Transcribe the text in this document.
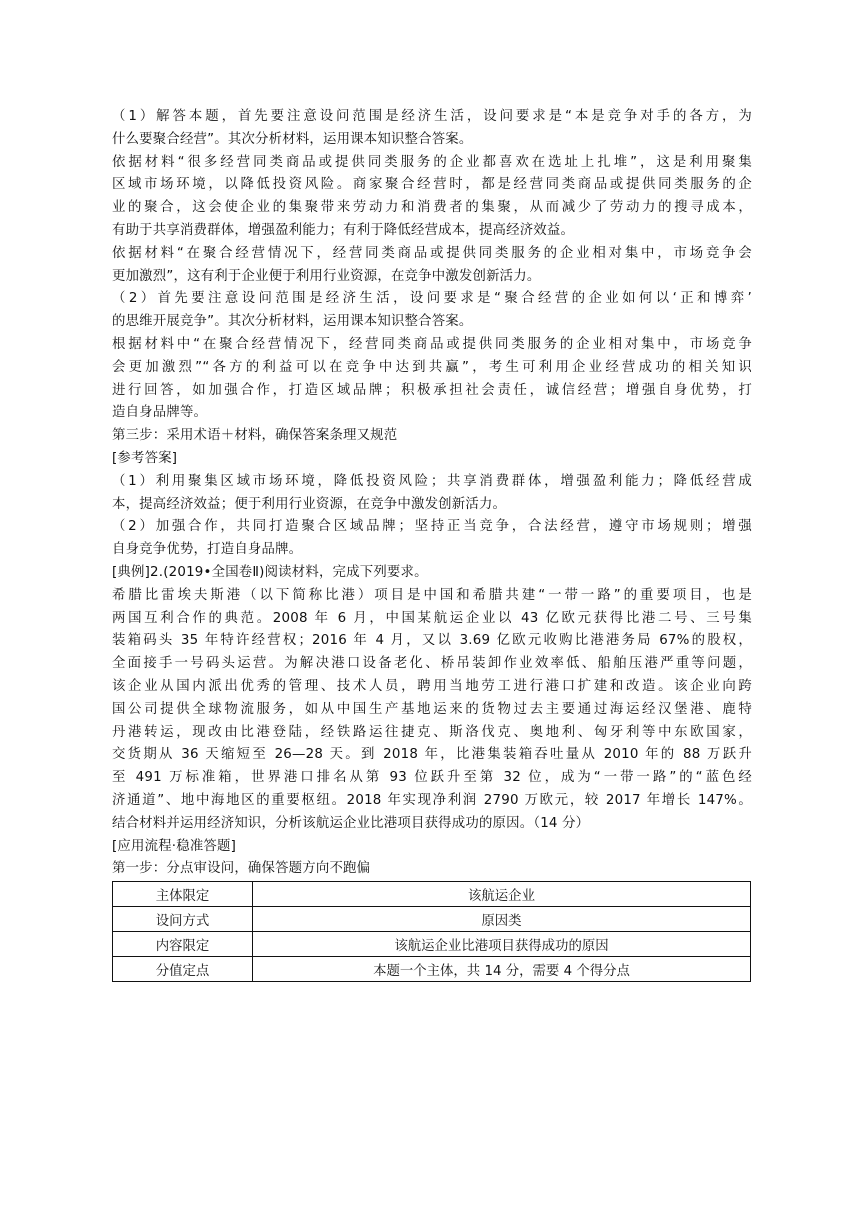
（1）解答本题，首先要注意设问范围是经济生活，设问要求是“本是竞争对手的各方，为
什么要聚合经营”。其次分析材料，运用课本知识整合答案。
依据材料“很多经营同类商品或提供同类服务的企业都喜欢在选址上扎堆”，这是利用聚集
区域市场环境，以降低投资风险。商家聚合经营时，都是经营同类商品或提供同类服务的企
业的聚合，这会使企业的集聚带来劳动力和消费者的集聚，从而减少了劳动力的搜寻成本，
有助于共享消费群体，增强盈利能力；有利于降低经营成本，提高经济效益。
依据材料“在聚合经营情况下，经营同类商品或提供同类服务的企业相对集中，市场竞争会
更加激烈”，这有利于企业便于利用行业资源，在竞争中激发创新活力。
（2）首先要注意设问范围是经济生活，设问要求是“聚合经营的企业如何以‘正和博弈’
的思维开展竞争”。其次分析材料，运用课本知识整合答案。
根据材料中“在聚合经营情况下，经营同类商品或提供同类服务的企业相对集中，市场竞争
会更加激烈”“各方的利益可以在竞争中达到共赢”，考生可利用企业经营成功的相关知识
进行回答，如加强合作，打造区域品牌；积极承担社会责任，诚信经营；增强自身优势，打
造自身品牌等。
第三步：采用术语＋材料，确保答案条理又规范
[参考答案]
（1）利用聚集区域市场环境，降低投资风险；共享消费群体，增强盈利能力；降低经营成
本，提高经济效益；便于利用行业资源，在竞争中激发创新活力。
（2）加强合作，共同打造聚合区域品牌；坚持正当竞争，合法经营，遵守市场规则；增强
自身竞争优势，打造自身品牌。
[典例]2.(2019•全国卷Ⅱ)阅读材料，完成下列要求。
希腊比雷埃夫斯港（以下简称比港）项目是中国和希腊共建“一带一路”的重要项目，也是
两国互利合作的典范。2008 年 6 月，中国某航运企业以 43 亿欧元获得比港二号、三号集
装箱码头 35 年特许经营权；2016 年 4 月，又以 3.69 亿欧元收购比港港务局 67%的股权，
全面接手一号码头运营。为解决港口设备老化、桥吊装卸作业效率低、船舶压港严重等问题，
该企业从国内派出优秀的管理、技术人员，聘用当地劳工进行港口扩建和改造。该企业向跨
国公司提供全球物流服务，如从中国生产基地运来的货物过去主要通过海运经汉堡港、鹿特
丹港转运，现改由比港登陆，经铁路运往捷克、斯洛伐克、奥地利、匈牙利等中东欧国家，
交货期从 36 天缩短至 26—28 天。到 2018 年，比港集装箱吞吐量从 2010 年的 88 万跃升
至 491 万标准箱，世界港口排名从第 93 位跃升至第 32 位，成为“一带一路”的“蓝色经
济通道”、地中海地区的重要枢纽。2018 年实现净利润 2790 万欧元，较 2017 年增长 147%。
结合材料并运用经济知识，分析该航运企业比港项目获得成功的原因。（14 分）
[应用流程·稳准答题]
第一步：分点审设问，确保答题方向不跑偏
主体限定	该航运企业
设问方式	原因类
内容限定	该航运企业比港项目获得成功的原因
分值定点	本题一个主体，共 14 分，需要 4 个得分点
